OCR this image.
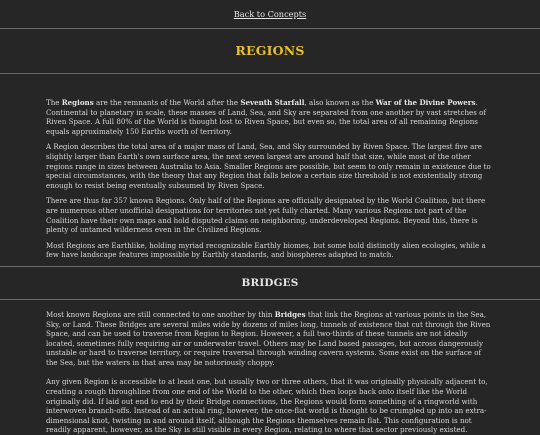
Back to Concepts
REGIONS

The Regions are the remnants of the World after the Seventh Starfall, also known as the War of the Divine Powers. Continental to planetary in scale, these masses of Land, Sea, and Sky are separated from one another by vast stretches of Riven Space. A full 80% of the World is thought lost to Riven Space, but even so, the total area of all remaining Regions equals approximately 150 Earths worth of territory.

A Region describes the total area of a major mass of Land, Sea, and Sky surrounded by Riven Space. The largest five are slightly larger than Earth's own surface area, the next seven largest are around half that size, while most of the other regions range in sizes between Australia to Asia. Smaller Regions are possible, but seem to only remain in existence due to special circumstances, with the theory that any Region that falls below a certain size threshold is not existentially strong enough to resist being eventually subsumed by Riven Space.

There are thus far 357 known Regions. Only half of the Regions are officially designated by the World Coalition, but there are numerous other unofficial designations for territories not yet fully charted. Many various Regions not part of the Coalition have their own maps and hold disputed claims on neighboring, underdeveloped Regions. Beyond this, there is plenty of untamed wilderness even in the Civilized Regions.

Most Regions are Earthlike, holding myriad recognizable Earthly biomes, but some hold distinctly alien ecologies, while a few have landscape features impossible by Earthly standards, and biospheres adapted to match.

BRIDGES

Most known Regions are still connected to one another by thin Bridges that link the Regions at various points in the Sea, Sky, or Land. These Bridges are several miles wide by dozens of miles long, tunnels of existence that cut through the Riven Space, and can be used to traverse from Region to Region. However, a full two-thirds of these tunnels are not ideally located, sometimes fully requiring air or underwater travel. Others may be Land based passages, but across dangerously unstable or hard to traverse territory, or require traversal through winding cavern systems. Some exist on the surface of the Sea, but the waters in that area may be notoriously choppy.

Any given Region is accessible to at least one, but usually two or three others, that it was originally physically adjacent to, creating a rough throughline from one end of the World to the other, which then loops back onto itself like the World originally did. If laid out end to end by their Bridge connections, the Regions would form something of a ringworld with interwoven branch-offs. Instead of an actual ring, however, the once-flat world is thought to be crumpled up into an extra-dimensional knot, twisting in and around itself, although the Regions themselves remain flat. This configuration is not readily apparent, however, as the Sky is still visible in every Region, relating to where that sector previously existed.
